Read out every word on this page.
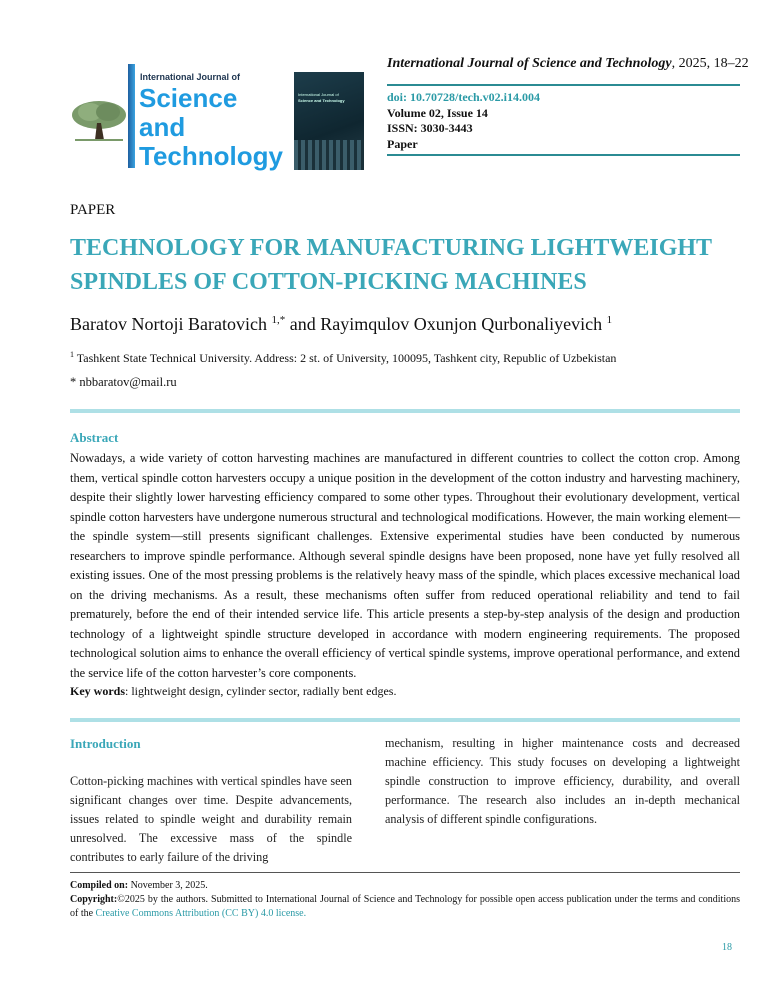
International Journal of
Science
and
Technology
International Journal of
Science and Technology
International Journal of Science and Technology, 2025, 18–22
doi: 10.70728/tech.v02.i14.004
Volume 02, Issue 14
ISSN: 3030-3443
Paper
PAPER
TECHNOLOGY FOR MANUFACTURING LIGHTWEIGHT SPINDLES OF COTTON-PICKING MACHINES
Baratov Nortoji Baratovich $^{1,*}$ and Rayimqulov Oxunjon Qurbonaliyevich $^1$
$^1$ Tashkent State Technical University. Address: 2 st. of University, 100095, Tashkent city, Republic of Uzbekistan
* nbbaratov@mail.ru
Abstract
Nowadays, a wide variety of cotton harvesting machines are manufactured in different countries to collect the cotton crop. Among them, vertical spindle cotton harvesters occupy a unique position in the development of the cotton industry and harvesting machinery, despite their slightly lower harvesting efficiency compared to some other types. Throughout their evolutionary development, vertical spindle cotton harvesters have undergone numerous structural and technological modifications. However, the main working element—the spindle system—still presents significant challenges. Extensive experimental studies have been conducted by numerous researchers to improve spindle performance. Although several spindle designs have been proposed, none have yet fully resolved all existing issues. One of the most pressing problems is the relatively heavy mass of the spindle, which places excessive mechanical load on the driving mechanisms. As a result, these mechanisms often suffer from reduced operational reliability and tend to fail prematurely, before the end of their intended service life. This article presents a step-by-step analysis of the design and production technology of a lightweight spindle structure developed in accordance with modern engineering requirements. The proposed technological solution aims to enhance the overall efficiency of vertical spindle systems, improve operational performance, and extend the service life of the cotton harvester’s core components.
Key words: lightweight design, cylinder sector, radially bent edges.
Introduction
Cotton-picking machines with vertical spindles have seen significant changes over time. Despite advancements, issues related to spindle weight and durability remain unresolved. The excessive mass of the spindle contributes to early failure of the driving
mechanism, resulting in higher maintenance costs and decreased machine efficiency. This study focuses on developing a lightweight spindle construction to improve efficiency, durability, and overall performance. The research also includes an in-depth mechanical analysis of different spindle configurations.
Compiled on: November 3, 2025.
Copyright:©2025 by the authors. Submitted to International Journal of Science and Technology for possible open access publication under the terms and conditions of the Creative Commons Attribution (CC BY) 4.0 license.
18
